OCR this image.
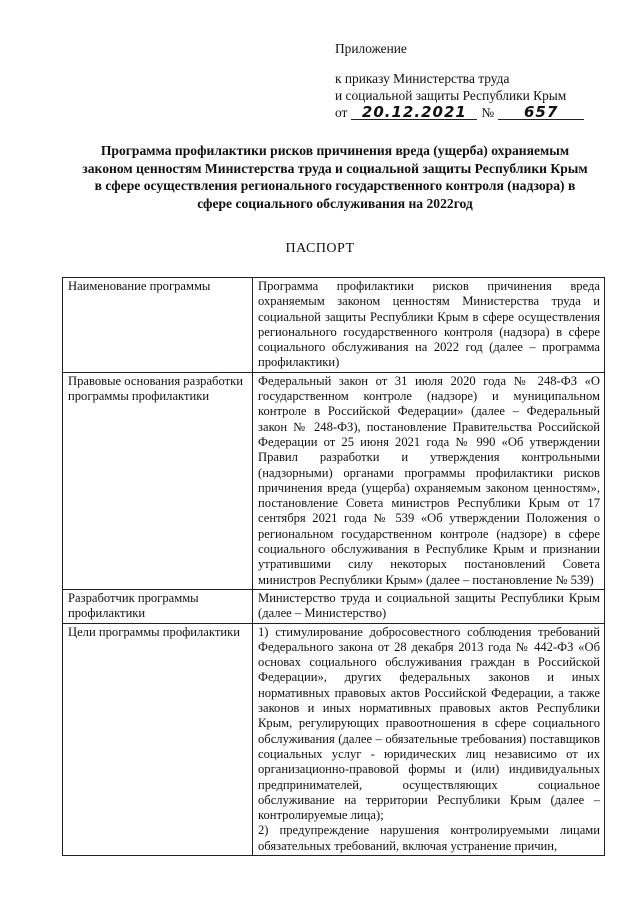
Приложение
к приказу Министерства труда
и социальной защиты Республики Крым
от 20.12.2021	№	657
Программа профилактики рисков причинения вреда (ущерба) охраняемым законом ценностям Министерства труда и социальной защиты Республики Крым в сфере осуществления регионального государственного контроля (надзора) в сфере социального обслуживания на 2022год
ПАСПОРТ
Наименование программы	Программа профилактики рисков причинения вреда охраняемым законом ценностям Министерства труда и социальной защиты Республики Крым в сфере осуществления регионального государственного контроля (надзора) в сфере социального обслуживания на 2022 год (далее – программа профилактики)
Правовые основания разработки программы профилактики	Федеральный закон от 31 июля 2020 года № 248-ФЗ «О государственном контроле (надзоре) и муниципальном контроле в Российской Федерации» (далее – Федеральный закон № 248-ФЗ), постановление Правительства Российской Федерации от 25 июня 2021 года № 990 «Об утверждении Правил разработки и утверждения контрольными (надзорными) органами программы профилактики рисков причинения вреда (ущерба) охраняемым законом ценностям», постановление Совета министров Республики Крым от 17 сентября 2021 года № 539 «Об утверждении Положения о региональном государственном контроле (надзоре) в сфере социального обслуживания в Республике Крым и признании утратившими силу некоторых постановлений Совета министров Республики Крым» (далее – постановление № 539)
Разработчик программы профилактики	Министерство труда и социальной защиты Республики Крым (далее – Министерство)
Цели программы профилактики	1) стимулирование добросовестного соблюдения требований Федерального закона от 28 декабря 2013 года № 442-ФЗ «Об основах социального обслуживания граждан в Российской Федерации», других федеральных законов и иных нормативных правовых актов Российской Федерации, а также законов и иных нормативных правовых актов Республики Крым, регулирующих правоотношения в сфере социального обслуживания (далее – обязательные требования) поставщиков социальных услуг - юридических лиц независимо от их организационно-правовой формы и (или) индивидуальных предпринимателей, осуществляющих социальное обслуживание на территории Республики Крым (далее – контролируемые лица);

2) предупреждение нарушения контролируемыми лицами обязательных требований, включая устранение причин,
